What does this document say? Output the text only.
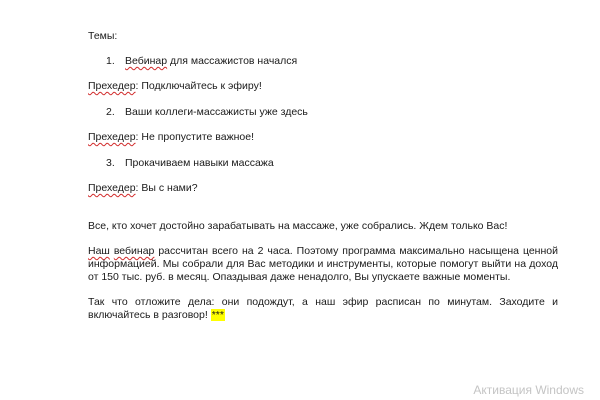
Темы:

1. Вебинар для массажистов начался

Прехедер: Подключайтесь к эфиру!

2. Ваши коллеги-массажисты уже здесь

Прехедер: Не пропустите важное!

3. Прокачиваем навыки массажа

Прехедер: Вы с нами?

Все, кто хочет достойно зарабатывать на массаже, уже собрались. Ждем только Вас!

Наш вебинар рассчитан всего на 2 часа. Поэтому программа максимально насыщена ценной информацией. Мы собрали для Вас методики и инструменты, которые помогут выйти на доход от 150 тыс. руб. в месяц. Опаздывая даже ненадолго, Вы упускаете важные моменты.

Так что отложите дела: они подождут, а наш эфир расписан по минутам. Заходите и включайтесь в разговор! ***

Активация Windows
